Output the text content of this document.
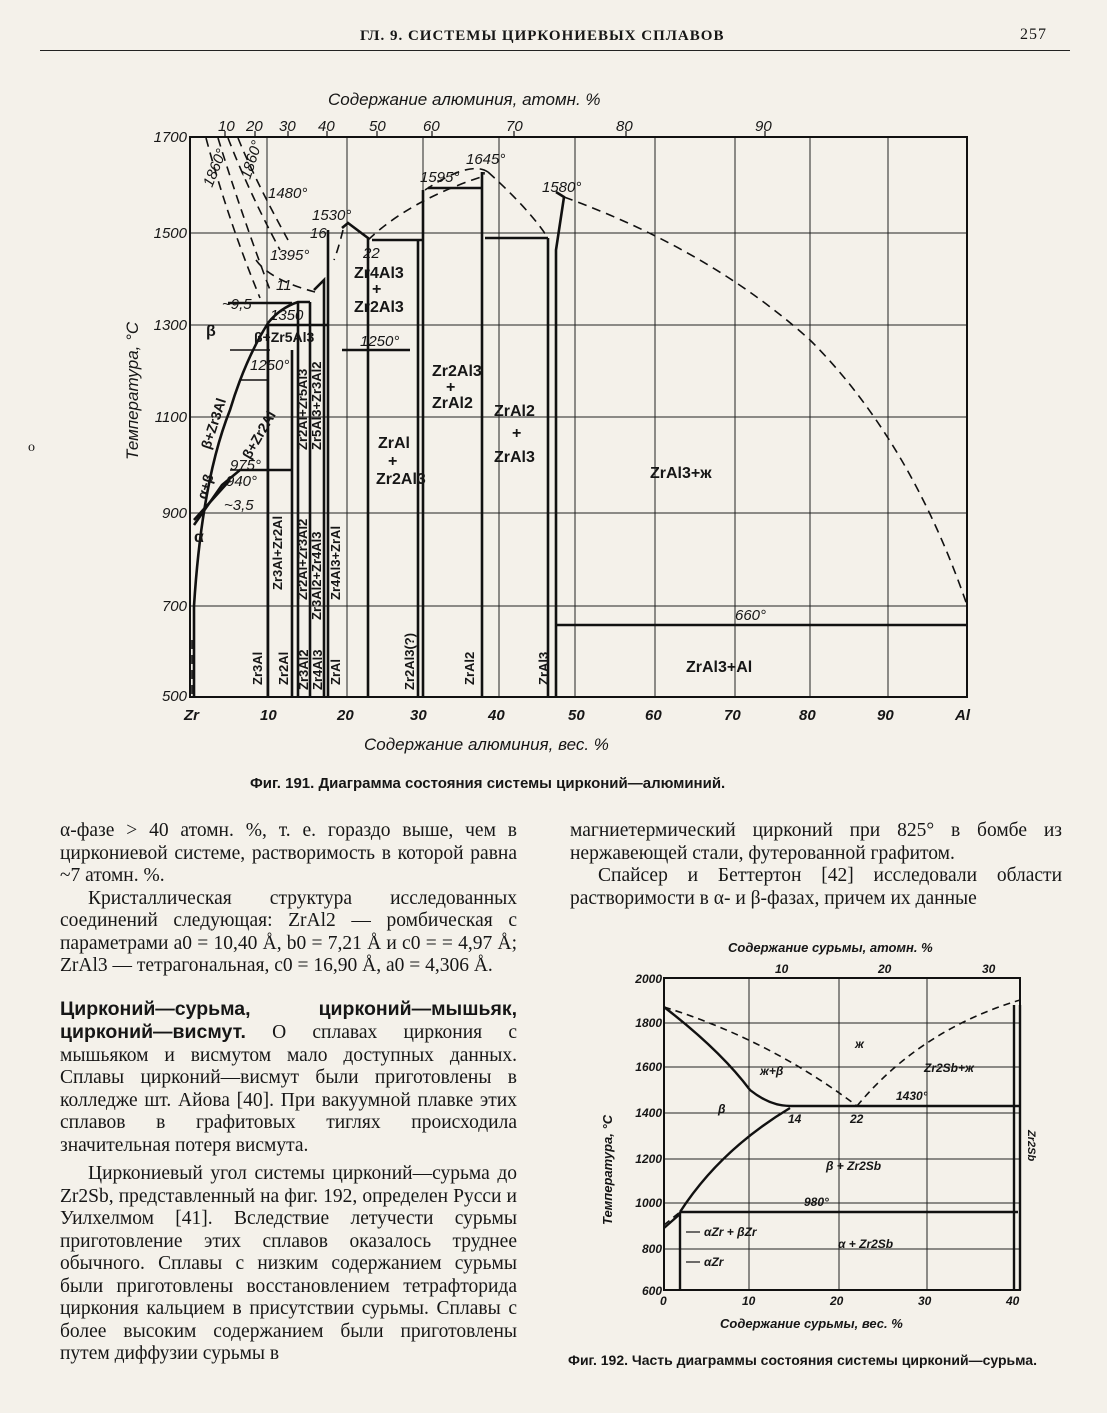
ГЛ. 9. СИСТЕМЫ ЦИРКОНИЕВЫХ СПЛАВОВ	257
o
Содержание алюминия, атомн. %
10 20 30 40 50 60	70	80	90
1700
1500
1300
1100
900
700
500
Температура, °С
Zr	10	20	30	40	50	60	70	80	90	Al
Содержание алюминия, вес. %
1860° 1860°
1480°
1530°
1395°
1595°
1645°
1580°
1350
1250°
1250°
975°
940°
660°
16
22
11
~9,5
~3,5
Zr4Al3
+
Zr2Al3
β	β+Zr5Al3
β+Zr3Al β+Zr2Al
α+β
α
Zr2Al3
+
ZrAl2 ZrAl2
+
ZrAl3
ZrAl
+
Zr2Al3	ZrAl3+ж
ZrAl3+Al
Zr3Al+Zr2Al Zr2Al+Zr3Al2 Zr3Al2+Zr4Al3 Zr4Al3+ZrAl
Zr2Al+Zr5Al3 Zr5Al3+Zr3Al2
Zr3Al Zr2Al Zr3Al2 Zr4Al3 ZrAl	Zr2Al3(?)	ZrAl2	ZrAl3
Фиг. 191. Диаграмма состояния системы цирконий—алюминий.

α-фазе > 40 атомн. %, т. е. гораздо выше, чем в циркониевой системе, растворимость в которой равна ~7 атомн. %.

Кристаллическая структура исследованных соединений следующая: ZrAl2 — ромбическая с параметрами a0 = 10,40 Å, b0 = 7,21 Å и c0 = = 4,97 Å; ZrAl3 — тетрагональная, c0 = 16,90 Å, a0 = 4,306 Å.

Цирконий—сурьма, цирконий—мышьяк, цирконий—висмут. О сплавах циркония с мышьяком и висмутом мало доступных данных. Сплавы цирконий—висмут были приготовлены в колледже шт. Айова [40]. При вакуумной плавке этих сплавов в графитовых тиглях происходила значительная потеря висмута.

Циркониевый угол системы цирконий—сурьма до Zr2Sb, представленный на фиг. 192, определен Русси и Уилхелмом [41]. Вследствие летучести сурьмы приготовление этих сплавов оказалось труднее обычного. Сплавы с низким содержанием сурьмы были приготовлены восстановлением тетрафторида циркония кальцием в присутствии сурьмы. Сплавы с более высоким содержанием были приготовлены путем диффузии сурьмы в

магниетермический цирконий при 825° в бомбе из нержавеющей стали, футерованной графитом.

Спайсер и Беттертон [42] исследовали области растворимости в α- и β-фазах, причем их данные

Содержание сурьмы, атомн. %
10	20	30
2000
1800
1600
1400
1200
1000
800
600
Температура, °С
0	10	20	30	40
Содержание сурьмы, вес. %
ж
ж+β	Zr2Sb+ж
1430°
β
14	22
β + Zr2Sb
980°
αZr + βZr
α + Zr2Sb
αZr
Zr2Sb
Фиг. 192. Часть диаграммы состояния системы цирконий—сурьма.
